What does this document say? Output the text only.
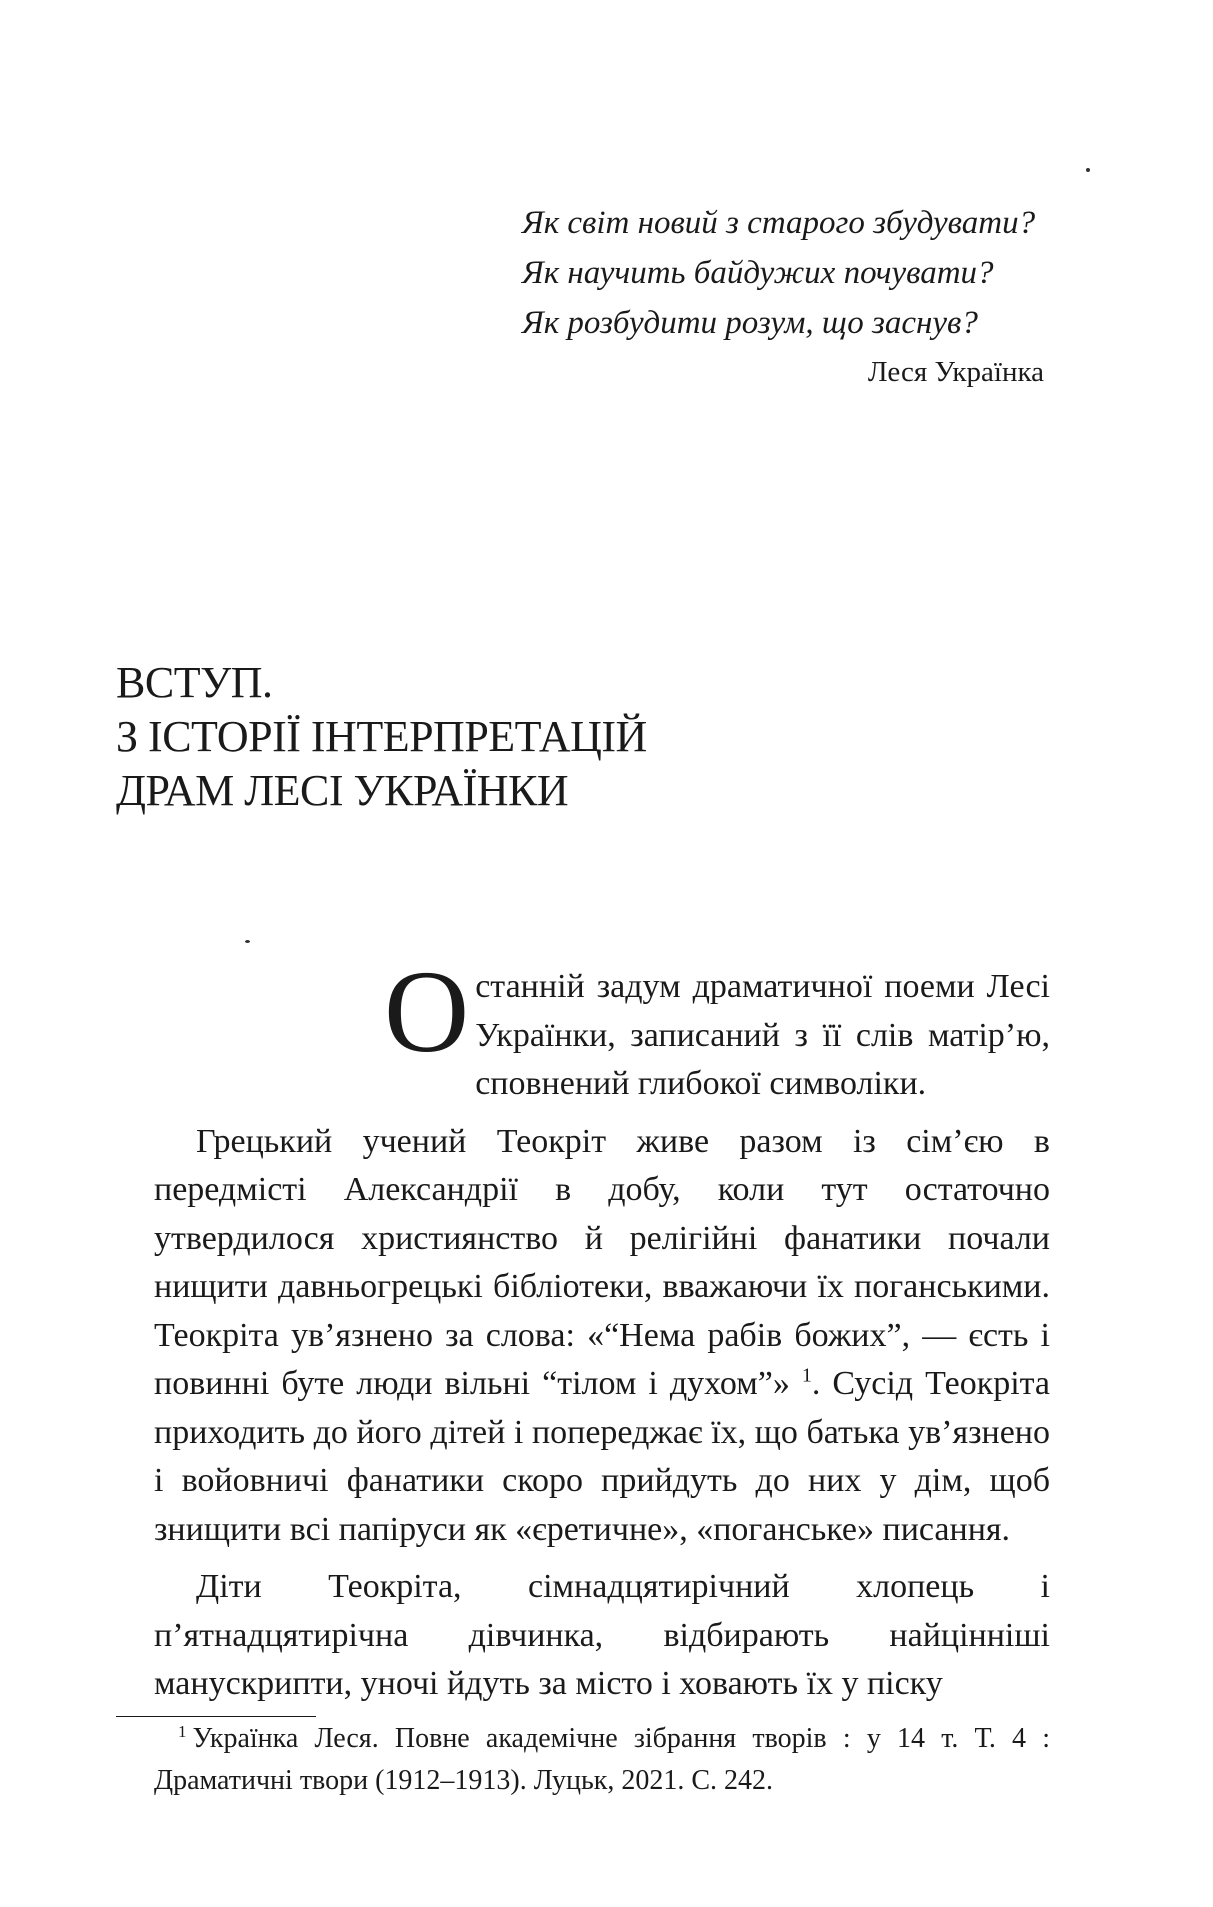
Як світ новий з старого збудувати?
Як научить байдужих почувати?
Як розбудити розум, що заснув?
Леся Українка
ВСТУП.
З ІСТОРІЇ ІНТЕРПРЕТАЦІЙ
ДРАМ ЛЕСІ УКРАЇНКИ

Останній задум драматичної поеми Лесі Українки, записаний з її слів матір’ю, сповнений глибокої символіки.

Грецький учений Теокріт живе разом із сім’єю в передмісті Александрії в добу, коли тут остаточно утвердилося християнство й релігійні фанатики почали нищити давньогрецькі бібліотеки, вважаючи їх поганськими. Теокріта ув’язнено за слова: «“Нема рабів божих”, — єсть і повинні буте люди вільні “тілом і духом”» $^1$. Сусід Теокріта приходить до його дітей і попереджає їх, що батька ув’язнено і войовничі фанатики скоро прийдуть до них у дім, щоб знищити всі папіруси як «єретичне», «поганське» писання.

Діти Теокріта, сімнадцятирічний хлопець і п’ятнадцятирічна дівчинка, відбирають найцінніші манускрипти, уночі йдуть за місто і ховають їх у піску

$^1$ Українка Леся. Повне академічне зібрання творів : у 14 т. Т. 4 : Драматичні твори (1912–1913). Луцьк, 2021. С. 242.
